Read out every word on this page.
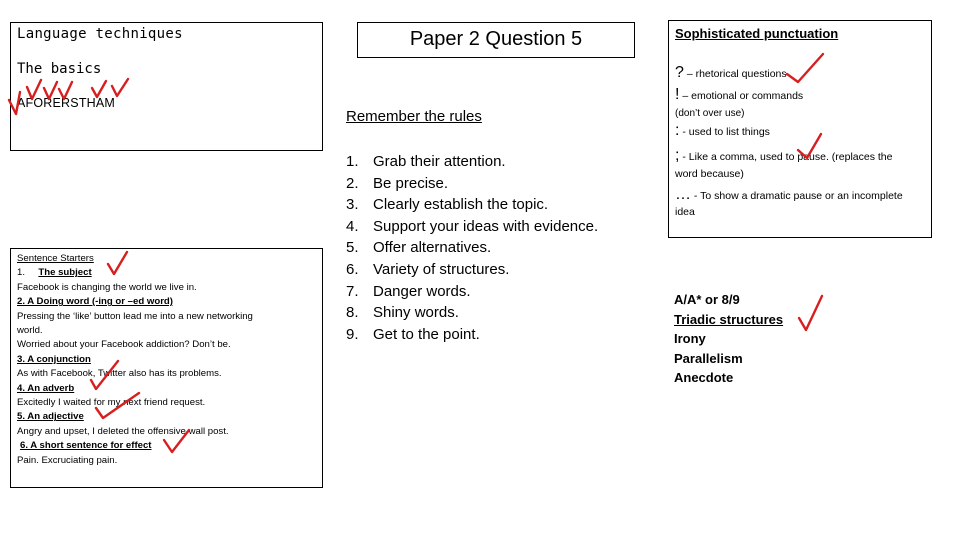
Language techniques
The basics
AFORERSTHAM
Sentence Starters
1. The subject
Facebook is changing the world we live in.
2. A Doing word (-ing or –ed word)
Pressing the ‘like’ button lead me into a new networking
world.
Worried about your Facebook addiction? Don’t be.
3. A conjunction
As with Facebook, Twitter also has its problems.
4. An adverb
Excitedly I waited for my next friend request.
5. An adjective
Angry and upset, I deleted the offensive wall post.
6. A short sentence for effect
Pain. Excruciating pain.
Paper 2 Question 5
Remember the rules
1. Grab their attention.
2. Be precise.
3. Clearly establish the topic.
4. Support your ideas with evidence.
5. Offer alternatives.
6. Variety of structures.
7. Danger words.
8. Shiny words.
9. Get to the point.
Sophisticated punctuation
? – rhetorical questions
! – emotional or commands
(don’t over use)
: - used to list things
; - Like a comma, used to pause. (replaces the
word because)
… - To show a dramatic pause or an incomplete
idea
A/A* or 8/9
Triadic structures
Irony
Parallelism
Anecdote
